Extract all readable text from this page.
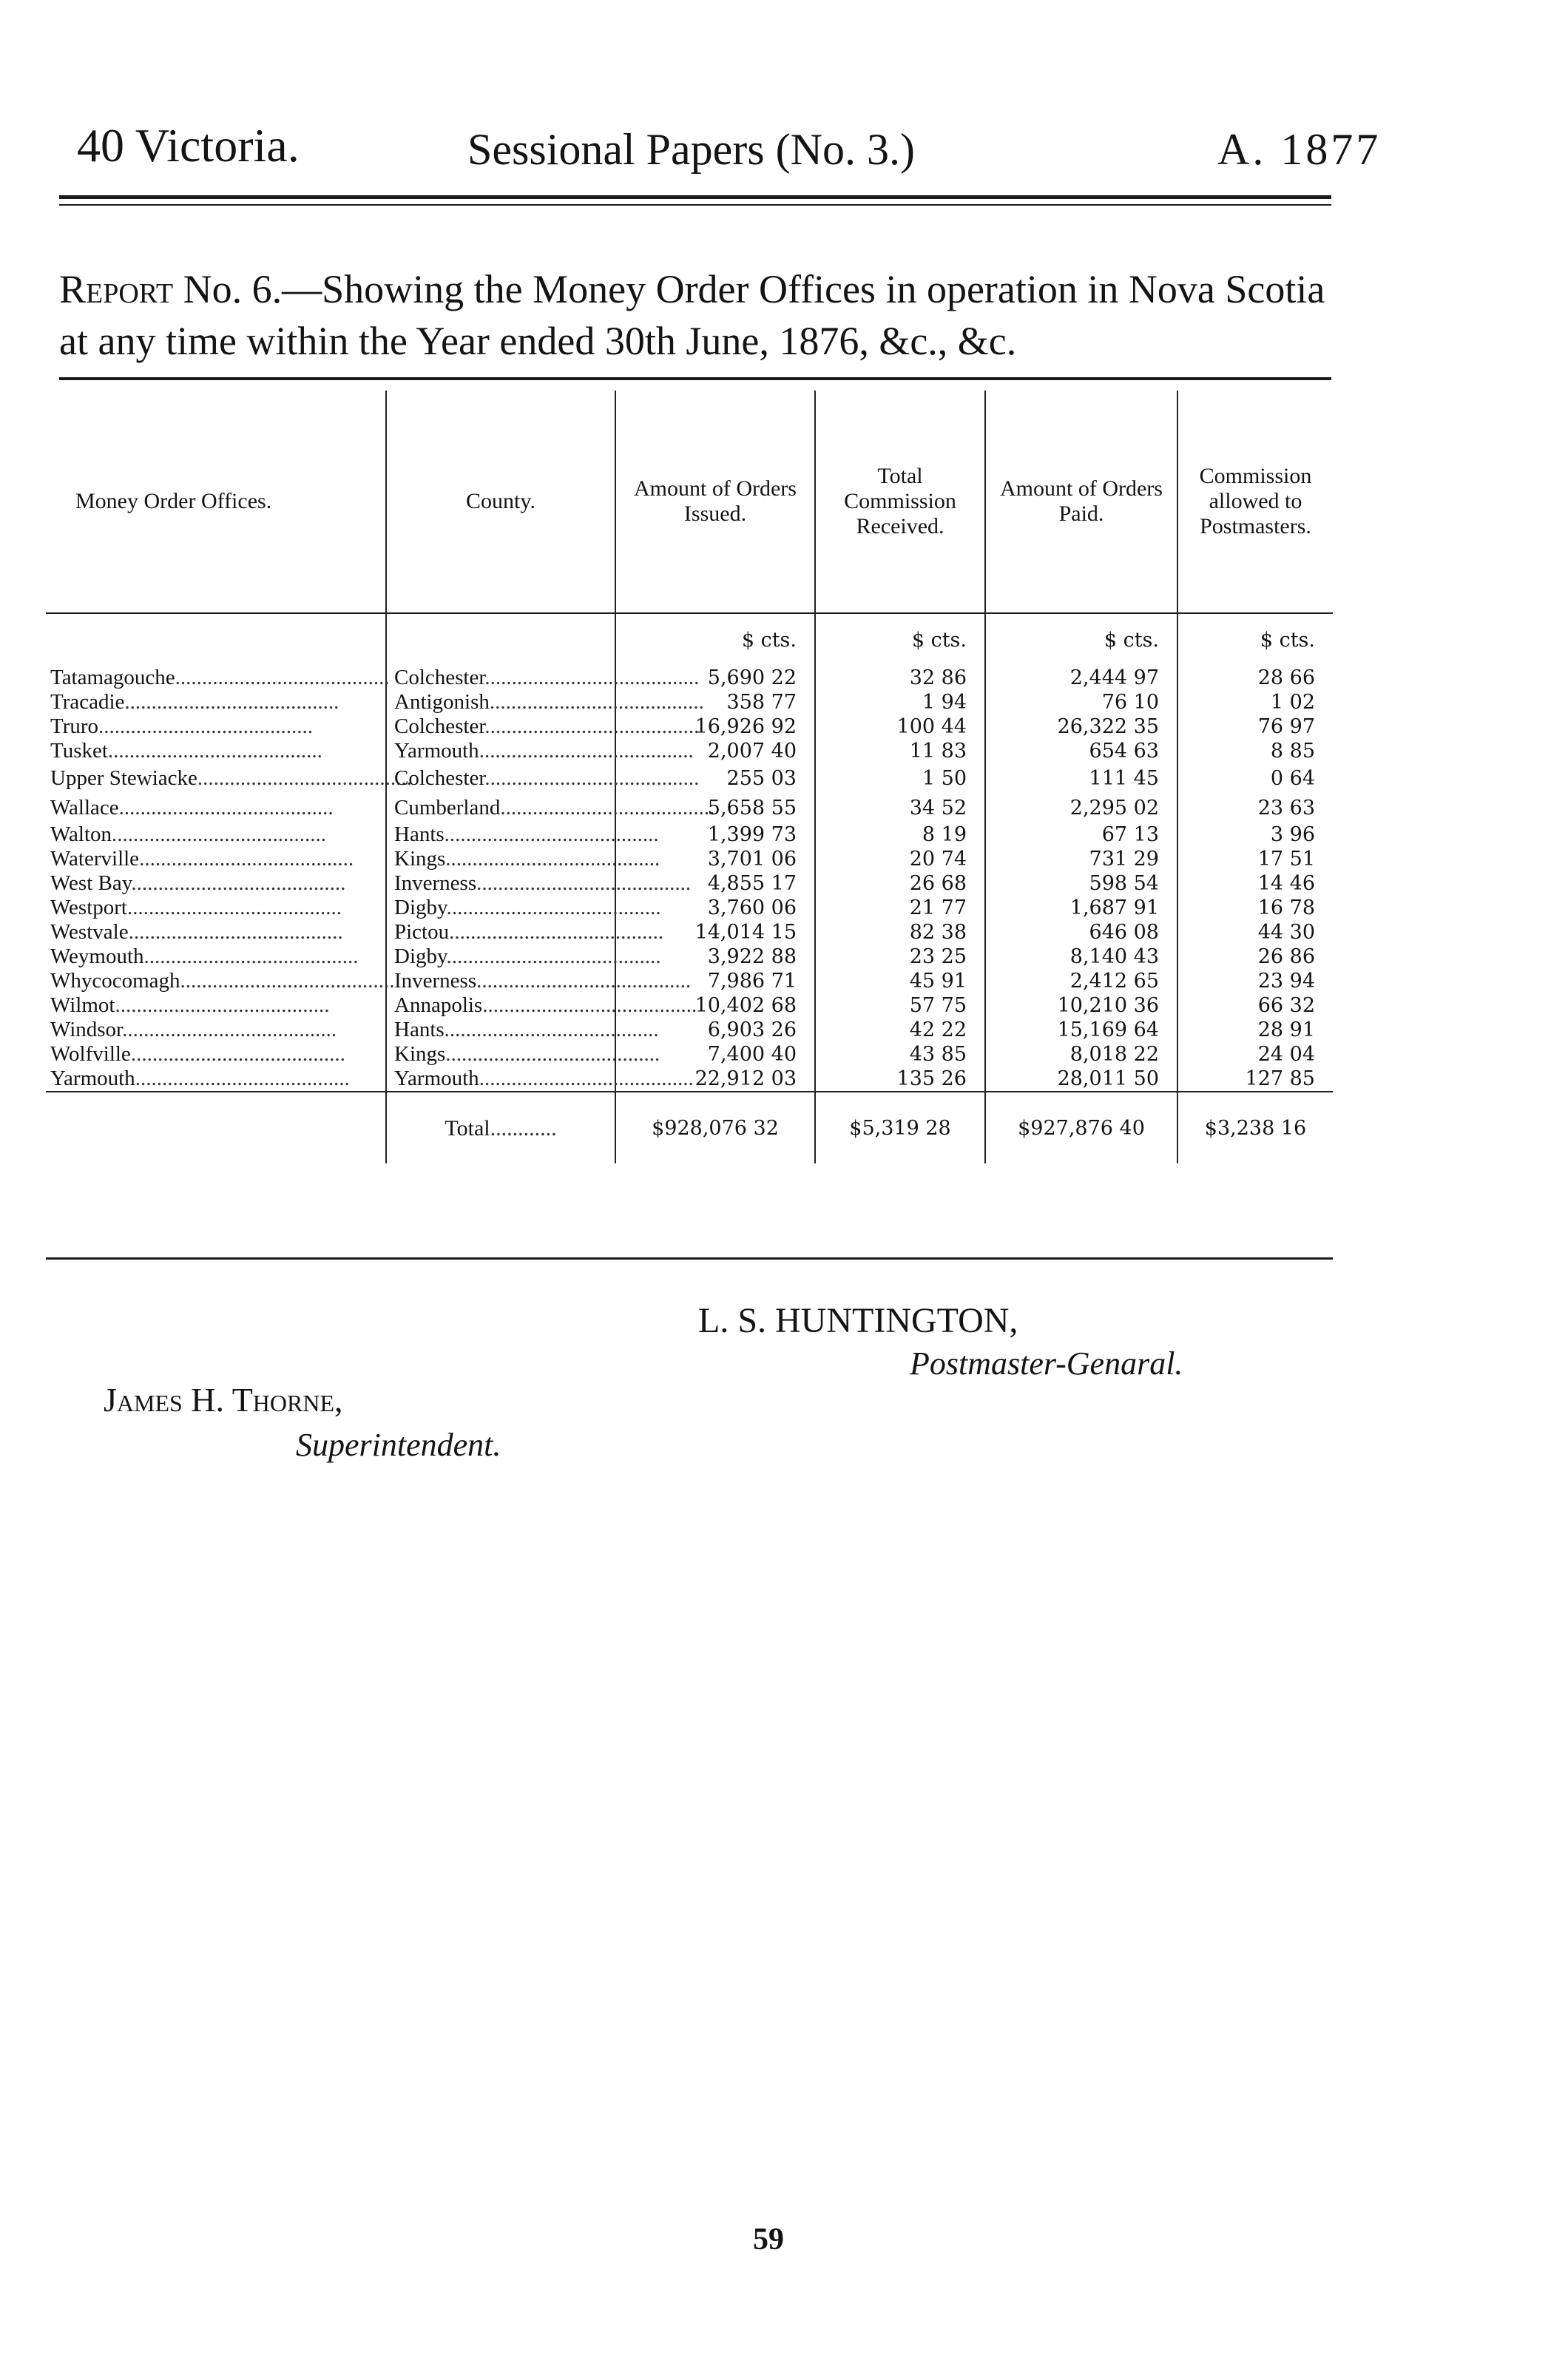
40 Victoria.	Sessional Papers (No. 3.)	A. 1877
Report No. 6.—Showing the Money Order Offices in operation in Nova Scotia at any time within the Year ended 30th June, 1876, &c., &c.
Money Order Offices.	County.	Amount of Orders Issued.	Total Commission Received.	Amount of Orders Paid.	Commission allowed to Postmasters.
		$ cts.	$ cts.	$ cts.	$ cts.
Tatamagouche........................................	Colchester........................................	5,690 22	32 86	2,444 97	28 66
Tracadie........................................	Antigonish........................................	358 77	1 94	76 10	1 02
Truro........................................	Colchester........................................	16,926 92	100 44	26,322 35	76 97
Tusket........................................	Yarmouth........................................	2,007 40	11 83	654 63	8 85
Upper Stewiacke........................................	Colchester........................................	255 03	1 50	111 45	0 64
Wallace........................................	Cumberland........................................	5,658 55	34 52	2,295 02	23 63
Walton........................................	Hants........................................	1,399 73	8 19	67 13	3 96
Waterville........................................	Kings........................................	3,701 06	20 74	731 29	17 51
West Bay........................................	Inverness........................................	4,855 17	26 68	598 54	14 46
Westport........................................	Digby........................................	3,760 06	21 77	1,687 91	16 78
Westvale........................................	Pictou........................................	14,014 15	82 38	646 08	44 30
Weymouth........................................	Digby........................................	3,922 88	23 25	8,140 43	26 86
Whycocomagh........................................	Inverness........................................	7,986 71	45 91	2,412 65	23 94
Wilmot........................................	Annapolis........................................	10,402 68	57 75	10,210 36	66 32
Windsor........................................	Hants........................................	6,903 26	42 22	15,169 64	28 91
Wolfville........................................	Kings........................................	7,400 40	43 85	8,018 22	24 04
Yarmouth........................................	Yarmouth........................................	22,912 03	135 26	28,011 50	127 85
	Total............	$928,076 32	$5,319 28	$927,876 40	$3,238 16
L. S. HUNTINGTON,
Postmaster-Genaral.
James H. Thorne,
Superintendent.
59
